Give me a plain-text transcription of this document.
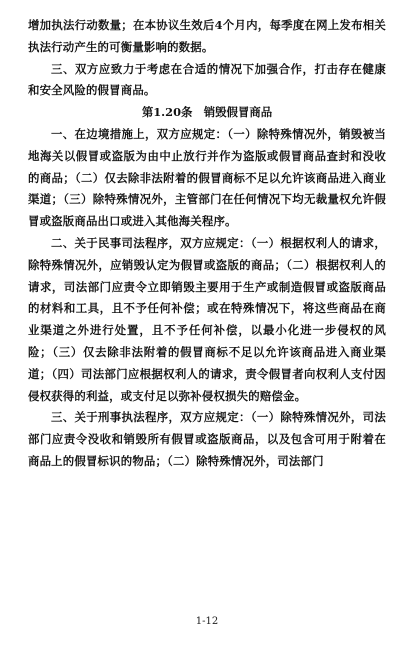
增加执法行动数量；在本协议生效后4个月内，每季度在网上发布相关执法行动产生的可衡量影响的数据。

三、双方应致力于考虑在合适的情况下加强合作，打击存在健康和安全风险的假冒商品。

第1.20条　销毁假冒商品

一、在边境措施上，双方应规定：（一）除特殊情况外，销毁被当地海关以假冒或盗版为由中止放行并作为盗版或假冒商品查封和没收的商品；（二）仅去除非法附着的假冒商标不足以允许该商品进入商业渠道；（三）除特殊情况外，主管部门在任何情况下均无裁量权允许假冒或盗版商品出口或进入其他海关程序。

二、关于民事司法程序，双方应规定：（一）根据权利人的请求，除特殊情况外，应销毁认定为假冒或盗版的商品；（二）根据权利人的请求，司法部门应责令立即销毁主要用于生产或制造假冒或盗版商品的材料和工具，且不予任何补偿；或在特殊情况下，将这些商品在商业渠道之外进行处置，且不予任何补偿，以最小化进一步侵权的风险；（三）仅去除非法附着的假冒商标不足以允许该商品进入商业渠道；（四）司法部门应根据权利人的请求，责令假冒者向权利人支付因侵权获得的利益，或支付足以弥补侵权损失的赔偿金。

三、关于刑事执法程序，双方应规定：（一）除特殊情况外，司法部门应责令没收和销毁所有假冒或盗版商品，以及包含可用于附着在商品上的假冒标识的物品；（二）除特殊情况外，司法部门

1-12
